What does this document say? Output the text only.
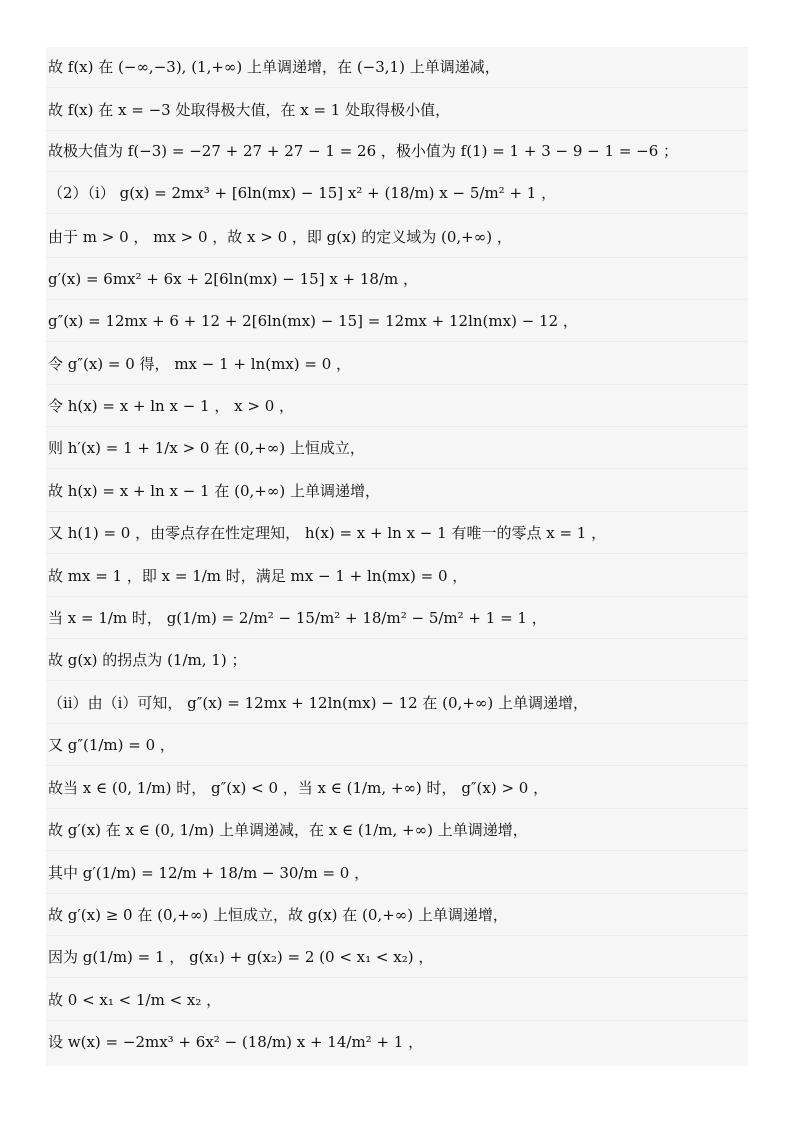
故 f(x) 在 (−∞,−3), (1,+∞) 上单调递增，在 (−3,1) 上单调递减，
故 f(x) 在 x = −3 处取得极大值，在 x = 1 处取得极小值，
故极大值为 f(−3) = −27 + 27 + 27 − 1 = 26 ，极小值为 f(1) = 1 + 3 − 9 − 1 = −6 ；
（2）（i） g(x) = 2mx³ + [6ln(mx) − 15] x² + (18/m) x − 5/m² + 1 ，
由于 m > 0 ， mx > 0 ，故 x > 0 ，即 g(x) 的定义域为 (0,+∞) ，
g′(x) = 6mx² + 6x + 2[6ln(mx) − 15] x + 18/m ，
g″(x) = 12mx + 6 + 12 + 2[6ln(mx) − 15] = 12mx + 12ln(mx) − 12 ，
令 g″(x) = 0 得， mx − 1 + ln(mx) = 0 ，
令 h(x) = x + ln x − 1 ， x > 0 ，
则 h′(x) = 1 + 1/x > 0 在 (0,+∞) 上恒成立，
故 h(x) = x + ln x − 1 在 (0,+∞) 上单调递增，
又 h(1) = 0 ，由零点存在性定理知， h(x) = x + ln x − 1 有唯一的零点 x = 1 ，
故 mx = 1 ，即 x = 1/m 时，满足 mx − 1 + ln(mx) = 0 ，
当 x = 1/m 时， g(1/m) = 2/m² − 15/m² + 18/m² − 5/m² + 1 = 1 ，
故 g(x) 的拐点为 (1/m, 1) ；
（ii）由（i）可知， g″(x) = 12mx + 12ln(mx) − 12 在 (0,+∞) 上单调递增，
又 g″(1/m) = 0 ，
故当 x ∈ (0, 1/m) 时， g″(x) < 0 ，当 x ∈ (1/m, +∞) 时， g″(x) > 0 ，
故 g′(x) 在 x ∈ (0, 1/m) 上单调递减，在 x ∈ (1/m, +∞) 上单调递增，
其中 g′(1/m) = 12/m + 18/m − 30/m = 0 ，
故 g′(x) ≥ 0 在 (0,+∞) 上恒成立，故 g(x) 在 (0,+∞) 上单调递增，
因为 g(1/m) = 1 ， g(x₁) + g(x₂) = 2 (0 < x₁ < x₂) ，
故 0 < x₁ < 1/m < x₂ ，
设 w(x) = −2mx³ + 6x² − (18/m) x + 14/m² + 1 ，
